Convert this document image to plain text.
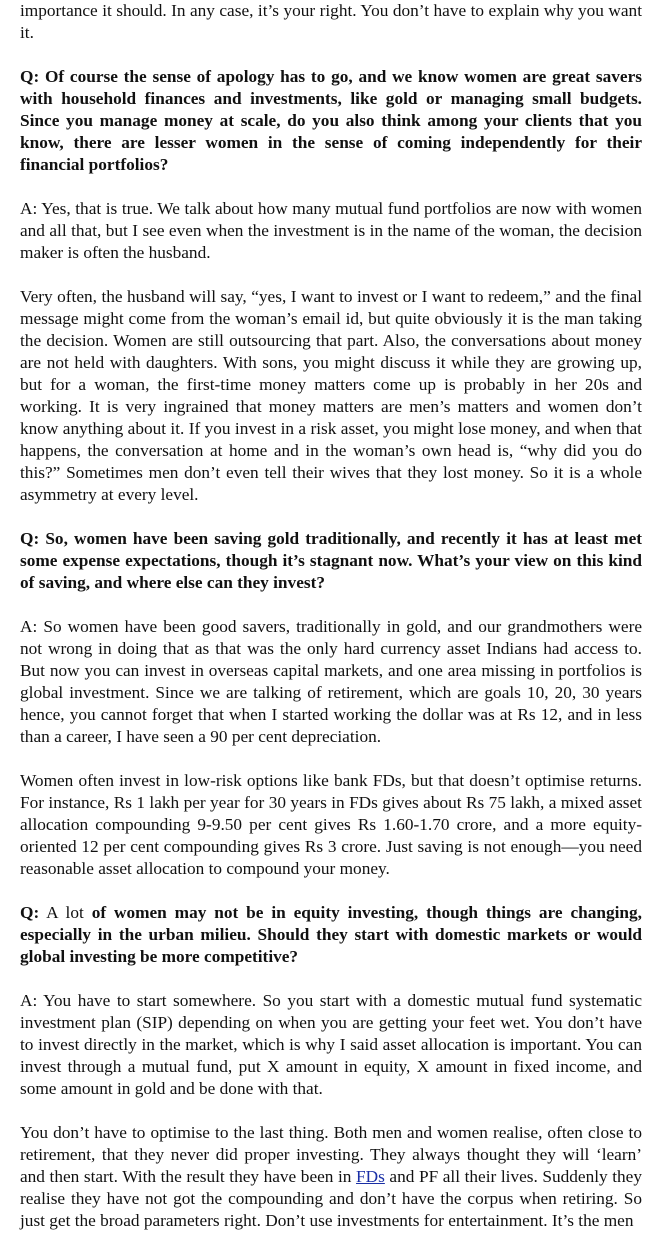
importance it should. In any case, it’s your right. You don’t have to explain why you want it.

Q: Of course the sense of apology has to go, and we know women are great savers with household finances and investments, like gold or managing small budgets. Since you manage money at scale, do you also think among your clients that you know, there are lesser women in the sense of coming independently for their financial portfolios?

A: Yes, that is true. We talk about how many mutual fund portfolios are now with women and all that, but I see even when the investment is in the name of the woman, the decision maker is often the husband.

Very often, the husband will say, “yes, I want to invest or I want to redeem,” and the final message might come from the woman’s email id, but quite obviously it is the man taking the decision. Women are still outsourcing that part. Also, the conversations about money are not held with daughters. With sons, you might discuss it while they are growing up, but for a woman, the first-time money matters come up is probably in her 20s and working. It is very ingrained that money matters are men’s matters and women don’t know anything about it. If you invest in a risk asset, you might lose money, and when that happens, the conversation at home and in the woman’s own head is, “why did you do this?” Sometimes men don’t even tell their wives that they lost money. So it is a whole asymmetry at every level.

Q: So, women have been saving gold traditionally, and recently it has at least met some expense expectations, though it’s stagnant now. What’s your view on this kind of saving, and where else can they invest?

A: So women have been good savers, traditionally in gold, and our grandmothers were not wrong in doing that as that was the only hard currency asset Indians had access to. But now you can invest in overseas capital markets, and one area missing in portfolios is global investment. Since we are talking of retirement, which are goals 10, 20, 30 years hence, you cannot forget that when I started working the dollar was at Rs 12, and in less than a career, I have seen a 90 per cent depreciation.

Women often invest in low-risk options like bank FDs, but that doesn’t optimise returns. For instance, Rs 1 lakh per year for 30 years in FDs gives about Rs 75 lakh, a mixed asset allocation compounding 9-9.50 per cent gives Rs 1.60-1.70 crore, and a more equity-oriented 12 per cent compounding gives Rs 3 crore. Just saving is not enough—you need reasonable asset allocation to compound your money.

Q: A lot of women may not be in equity investing, though things are changing, especially in the urban milieu. Should they start with domestic markets or would global investing be more competitive?

A: You have to start somewhere. So you start with a domestic mutual fund systematic investment plan (SIP) depending on when you are getting your feet wet. You don’t have to invest directly in the market, which is why I said asset allocation is important. You can invest through a mutual fund, put X amount in equity, X amount in fixed income, and some amount in gold and be done with that.

You don’t have to optimise to the last thing. Both men and women realise, often close to retirement, that they never did proper investing. They always thought they will ‘learn’ and then start. With the result they have been in FDs and PF all their lives. Suddenly they realise they have not got the compounding and don’t have the corpus when retiring. So just get the broad parameters right. Don’t use investments for entertainment. It’s the men
